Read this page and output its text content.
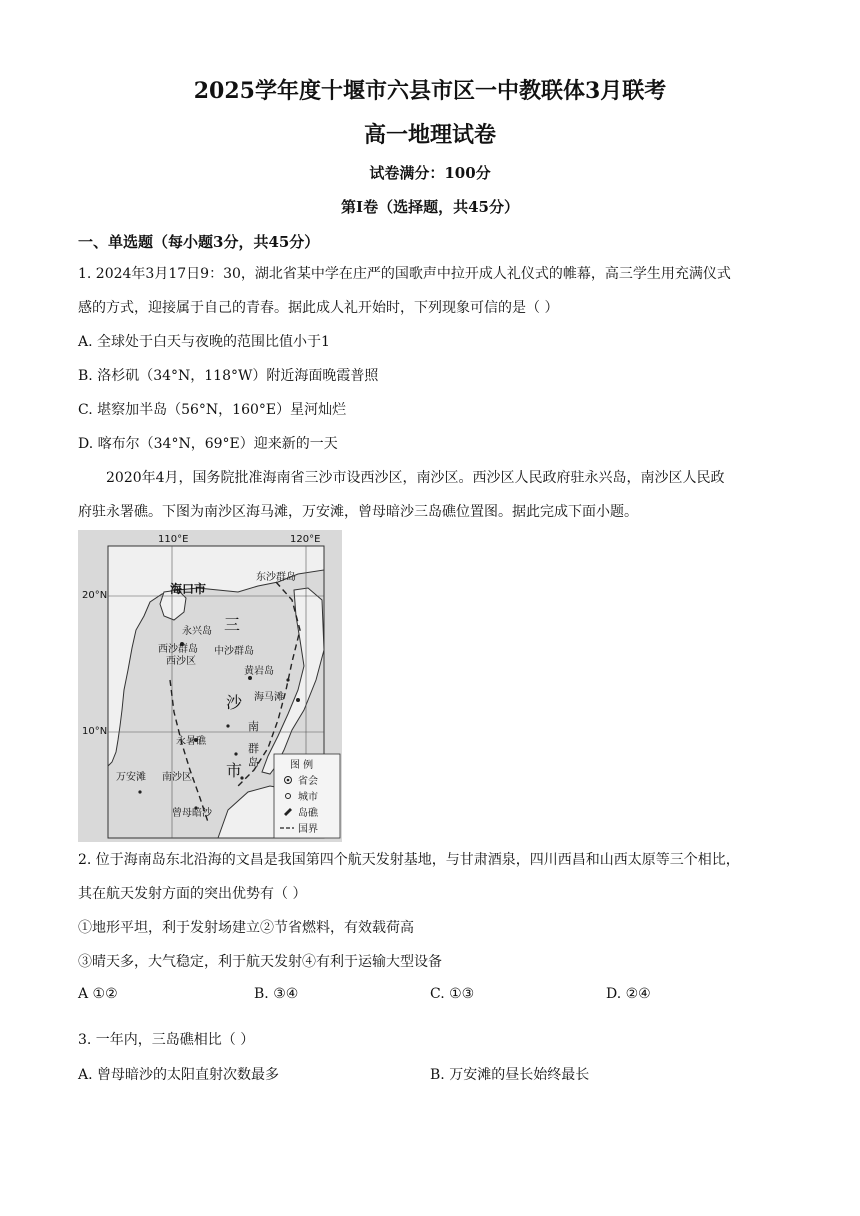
2025学年度十堰市六县市区一中教联体3月联考
高一地理试卷
试卷满分：100分
第Ⅰ卷（选择题，共45分）
一、单选题（每小题3分，共45分）
1. 2024年3月17日9：30，湖北省某中学在庄严的国歌声中拉开成人礼仪式的帷幕，高三学生用充满仪式
感的方式，迎接属于自己的青春。据此成人礼开始时，下列现象可信的是（ ）
A. 全球处于白天与夜晚的范围比值小于1
B. 洛杉矶（34°N，118°W）附近海面晚霞普照
C. 堪察加半岛（56°N，160°E）星河灿烂
D. 喀布尔（34°N，69°E）迎来新的一天
2020年4月，国务院批准海南省三沙市设西沙区，南沙区。西沙区人民政府驻永兴岛，南沙区人民政
府驻永署礁。下图为南沙区海马滩，万安滩，曾母暗沙三岛礁位置图。据此完成下面小题。
110°E	120°E
20°N
10°N
东沙群岛
海口市
永兴岛
西沙群岛
西沙区
中沙群岛
黄岩岛
海马滩
永暑礁
万安滩 南沙区
曾母暗沙
三
沙
市
南
群
岛	图 例
省会
城市
岛礁
国界
2. 位于海南岛东北沿海的文昌是我国第四个航天发射基地，与甘肃酒泉，四川西昌和山西太原等三个相比，
其在航天发射方面的突出优势有（ ）
①地形平坦，利于发射场建立②节省燃料，有效载荷高
③晴天多，大气稳定，利于航天发射④有利于运输大型设备
A ①②	B. ③④	C. ①③	D. ②④
3. 一年内，三岛礁相比（ ）
A. 曾母暗沙的太阳直射次数最多	B. 万安滩的昼长始终最长
